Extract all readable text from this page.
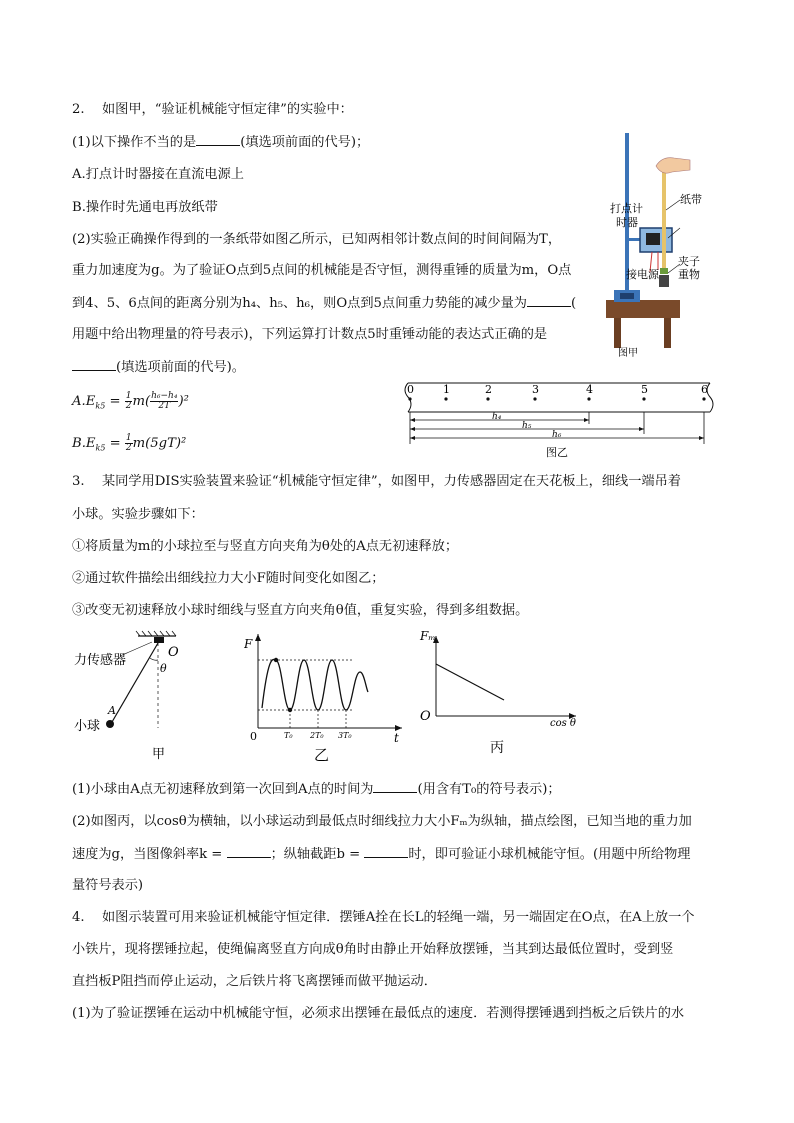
2.　 如图甲，“验证机械能守恒定律”的实验中：
(1)以下操作不当的是	(填选项前面的代号)；
A.打点计时器接在直流电源上
B.操作时先通电再放纸带
(2)实验正确操作得到的一条纸带如图乙所示，已知两相邻计数点间的时间间隔为T，
重力加速度为g。为了验证O点到5点间的机械能是否守恒，测得重锤的质量为m，O点
到4、5、6点间的距离分别为h₄、h₅、h₆，则O点到5点间重力势能的减少量为	(
用题中给出物理量的符号表示)，下列运算打计数点5时重锤动能的表达式正确的是
(填选项前面的代号)。
$A.E_{k5} = \frac{1}{2} m( \frac{\text{h₆−h₄}}{2T} )^2$
$B.E_{k5} = \frac{1}{2} m(5gT)^2$
纸带
打点计
时器
夹子
重物
接电源
图甲
0	1	2	3	4	5	6
h₄
h₅
h₆
图乙
3.　 某同学用DIS实验装置来验证“机械能守恒定律”，如图甲，力传感器固定在天花板上，细线一端吊着
小球。实验步骤如下：
①将质量为m的小球拉至与竖直方向夹角为θ处的A点无初速释放；
②通过软件描绘出细线拉力大小F随时间变化如图乙；
③改变无初速释放小球时细线与竖直方向夹角θ值，重复实验，得到多组数据。
力传感器
O
θ
A
小球
甲
F
0	t
T₀ 2T₀ 3T₀
乙
Fₘ
O	cos θ
丙
(1)小球由A点无初速释放到第一次回到A点的时间为	(用含有T₀的符号表示)；
(2)如图丙，以cosθ为横轴，以小球运动到最低点时细线拉力大小Fₘ为纵轴，描点绘图，已知当地的重力加
速度为g，当图像斜率k =	；纵轴截距b =	时，即可验证小球机械能守恒。(用题中所给物理
量符号表示)
4.　 如图示装置可用来验证机械能守恒定律．摆锤A拴在长L的轻绳一端，另一端固定在O点，在A上放一个
小铁片，现将摆锤拉起，使绳偏离竖直方向成θ角时由静止开始释放摆锤，当其到达最低位置时，受到竖
直挡板P阻挡而停止运动，之后铁片将飞离摆锤而做平抛运动．
(1)为了验证摆锤在运动中机械能守恒，必须求出摆锤在最低点的速度．若测得摆锤遇到挡板之后铁片的水
